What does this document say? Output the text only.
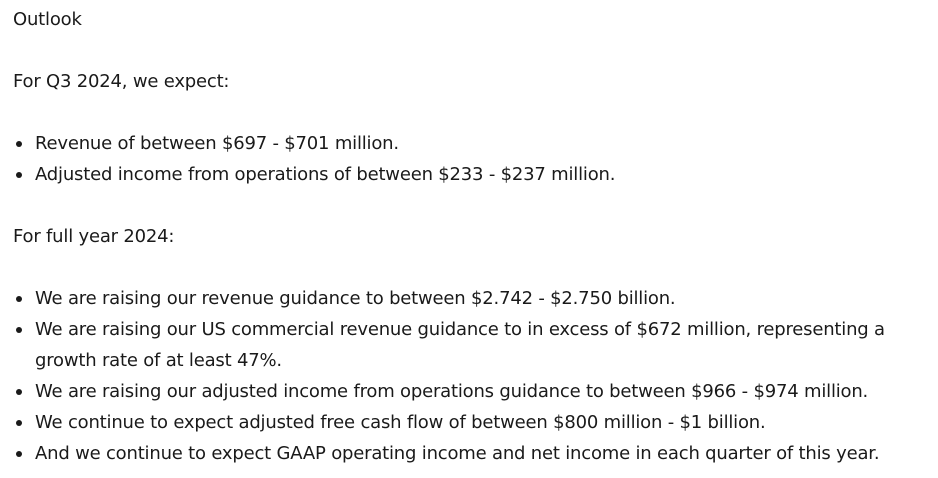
Outlook

For Q3 2024, we expect:

Revenue of between $697 - $701 million.
Adjusted income from operations of between $233 - $237 million.

For full year 2024:

We are raising our revenue guidance to between $2.742 - $2.750 billion.
We are raising our US commercial revenue guidance to in excess of $672 million, representing a growth rate of at least 47%.
We are raising our adjusted income from operations guidance to between $966 - $974 million.
We continue to expect adjusted free cash flow of between $800 million - $1 billion.
And we continue to expect GAAP operating income and net income in each quarter of this year.
